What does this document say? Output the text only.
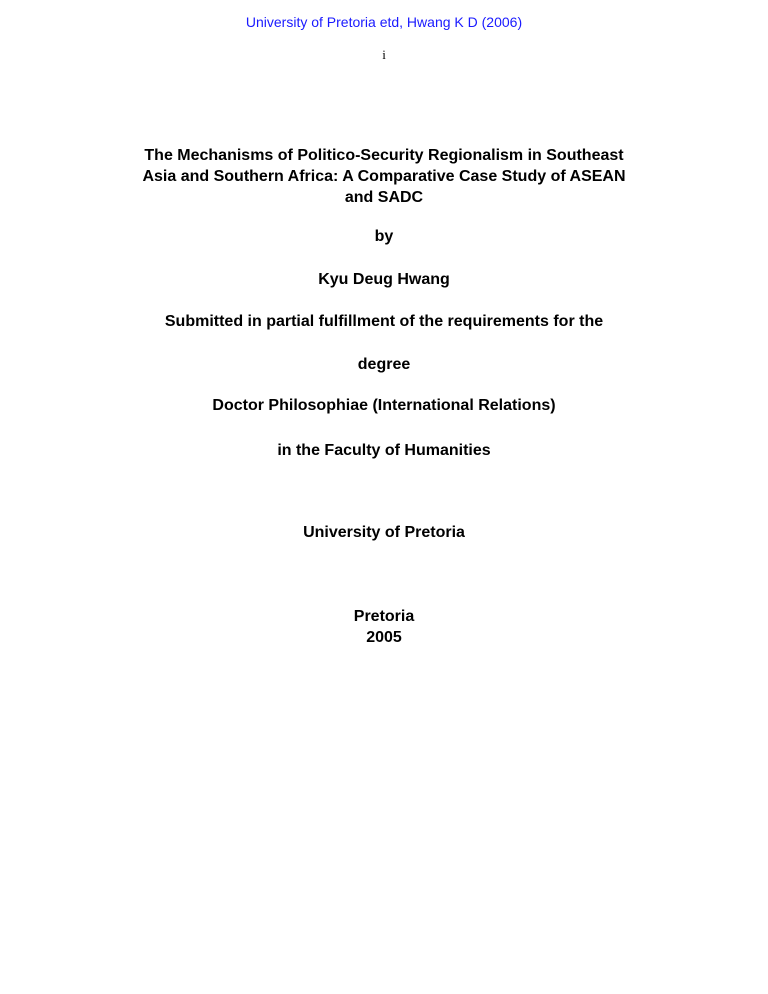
University of Pretoria etd, Hwang K D (2006)
i
The Mechanisms of Politico-Security Regionalism in Southeast
Asia and Southern Africa: A Comparative Case Study of ASEAN
and SADC
by
Kyu Deug Hwang
Submitted in partial fulfillment of the requirements for the
degree
Doctor Philosophiae (International Relations)
in the Faculty of Humanities
University of Pretoria
Pretoria
2005
